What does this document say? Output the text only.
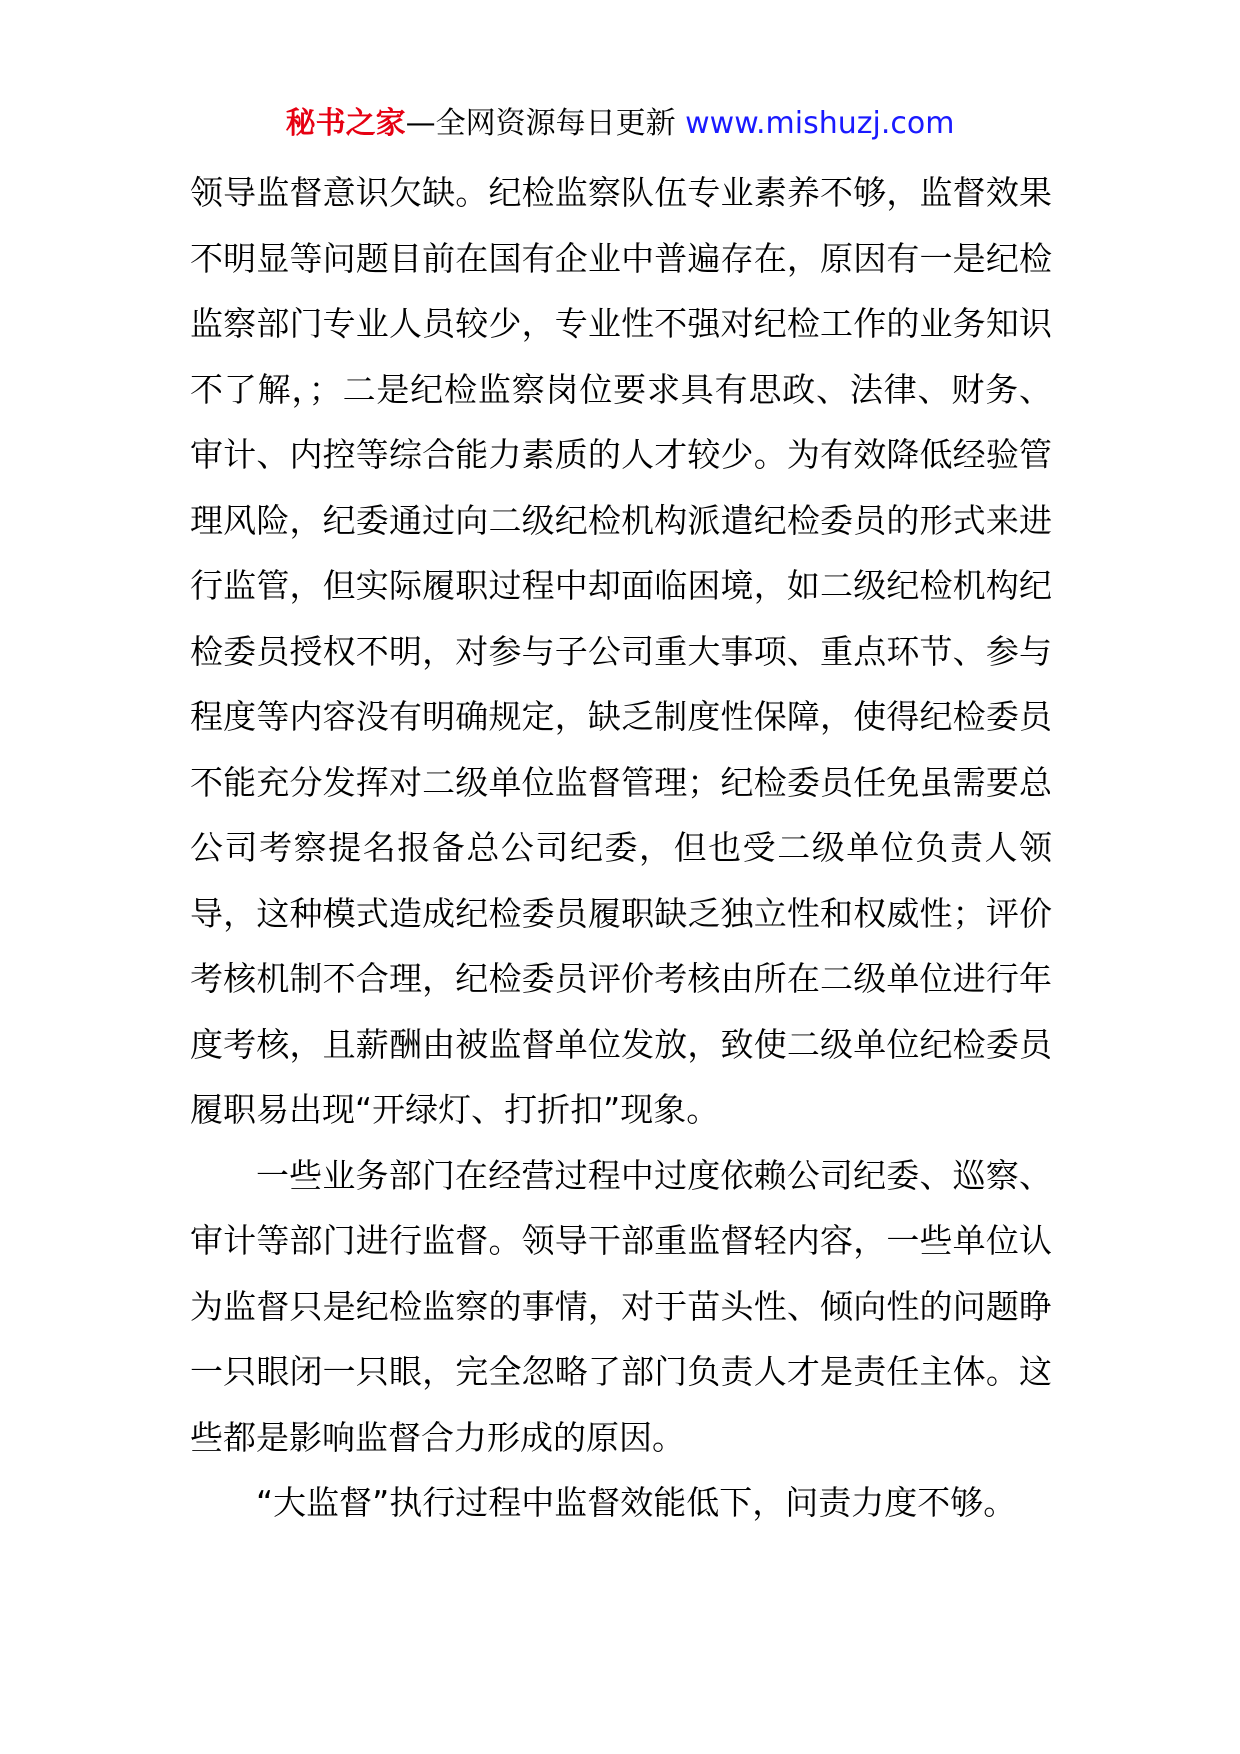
秘书之家—全网资源每日更新 www.mishuzj.com

领导监督意识欠缺。纪检监察队伍专业素养不够，监督效果不明显等问题目前在国有企业中普遍存在，原因有一是纪检监察部门专业人员较少，专业性不强对纪检工作的业务知识不了解，；二是纪检监察岗位要求具有思政、法律、财务、审计、内控等综合能力素质的人才较少。为有效降低经验管理风险，纪委通过向二级纪检机构派遣纪检委员的形式来进行监管，但实际履职过程中却面临困境，如二级纪检机构纪检委员授权不明，对参与子公司重大事项、重点环节、参与程度等内容没有明确规定，缺乏制度性保障，使得纪检委员不能充分发挥对二级单位监督管理；纪检委员任免虽需要总公司考察提名报备总公司纪委，但也受二级单位负责人领导，这种模式造成纪检委员履职缺乏独立性和权威性；评价考核机制不合理，纪检委员评价考核由所在二级单位进行年度考核，且薪酬由被监督单位发放，致使二级单位纪检委员履职易出现“开绿灯、打折扣”现象。

一些业务部门在经营过程中过度依赖公司纪委、巡察、审计等部门进行监督。领导干部重监督轻内容，一些单位认为监督只是纪检监察的事情，对于苗头性、倾向性的问题睁一只眼闭一只眼，完全忽略了部门负责人才是责任主体。这些都是影响监督合力形成的原因。

“大监督”执行过程中监督效能低下，问责力度不够。
